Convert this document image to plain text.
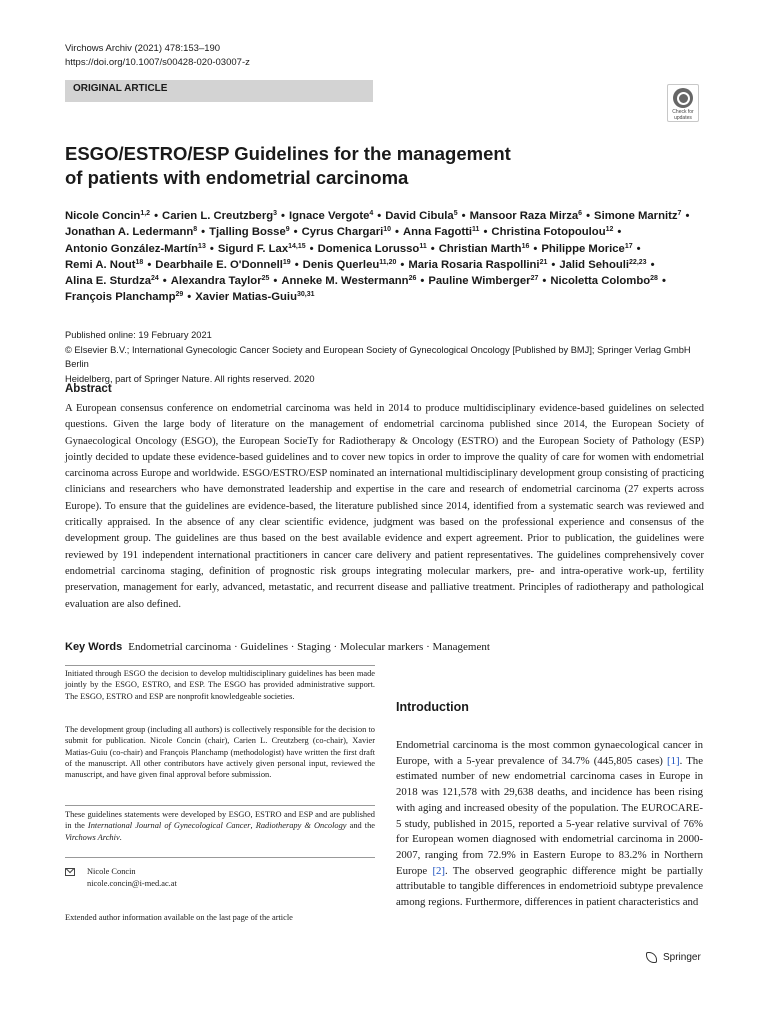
Virchows Archiv (2021) 478:153–190
https://doi.org/10.1007/s00428-020-03007-z
ORIGINAL ARTICLE
Check for
updates
ESGO/ESTRO/ESP Guidelines for the management
of patients with endometrial carcinoma
Nicole Concin$^{1,2}$ • Carien L. Creutzberg$^3$ • Ignace Vergote$^4$ • David Cibula$^5$ • Mansoor Raza Mirza$^6$ • Simone Marnitz$^7$ •
Jonathan A. Ledermann$^8$ • Tjalling Bosse$^9$ • Cyrus Chargari$^{10}$ • Anna Fagotti$^{11}$ • Christina Fotopoulou$^{12}$ •
Antonio González-Martín$^{13}$ • Sigurd F. Lax$^{14,15}$ • Domenica Lorusso$^{11}$ • Christian Marth$^{16}$ • Philippe Morice$^{17}$ •
Remi A. Nout$^{18}$ • Dearbhaile E. O'Donnell$^{19}$ • Denis Querleu$^{11,20}$ • Maria Rosaria Raspollini$^{21}$ • Jalid Sehouli$^{22,23}$ •
Alina E. Sturdza$^{24}$ • Alexandra Taylor$^{25}$ • Anneke M. Westermann$^{26}$ • Pauline Wimberger$^{27}$ • Nicoletta Colombo$^{28}$ •
François Planchamp$^{29}$ • Xavier Matias-Guiu$^{30,31}$
Published online: 19 February 2021
© Elsevier B.V.; International Gynecologic Cancer Society and European Society of Gynecological Oncology [Published by BMJ]; Springer Verlag GmbH Berlin
Heidelberg, part of Springer Nature. All rights reserved. 2020
Abstract

A European consensus conference on endometrial carcinoma was held in 2014 to produce multidisciplinary evidence-based guidelines on selected questions. Given the large body of literature on the management of endometrial carcinoma published since 2014, the European Society of Gynaecological Oncology (ESGO), the European SocieTy for Radiotherapy & Oncology (ESTRO) and the European Society of Pathology (ESP) jointly decided to update these evidence-based guidelines and to cover new topics in order to improve the quality of care for women with endometrial carcinoma across Europe and worldwide. ESGO/ESTRO/ESP nominated an international multidisciplinary development group consisting of practicing clinicians and researchers who have demonstrated leadership and expertise in the care and research of endometrial carcinoma (27 experts across Europe). To ensure that the guidelines are evidence-based, the literature published since 2014, identified from a systematic search was reviewed and critically appraised. In the absence of any clear scientific evidence, judgment was based on the professional experience and consensus of the development group. The guidelines are thus based on the best available evidence and expert agreement. Prior to publication, the guidelines were reviewed by 191 independent international practitioners in cancer care delivery and patient representatives. The guidelines comprehensively cover endometrial carcinoma staging, definition of prognostic risk groups integrating molecular markers, pre- and intra-operative work-up, fertility preservation, management for early, advanced, metastatic, and recurrent disease and palliative treatment. Principles of radiotherapy and pathological evaluation are also defined.

Key Words Endometrial carcinoma · Guidelines · Staging · Molecular markers · Management

Initiated through ESGO the decision to develop multidisciplinary guidelines has been made jointly by the ESGO, ESTRO, and ESP. The ESGO has provided administrative support. The ESGO, ESTRO and ESP are nonprofit knowledgeable societies.

The development group (including all authors) is collectively responsible for the decision to submit for publication. Nicole Concin (chair), Carien L. Creutzberg (co-chair), Xavier Matias-Guiu (co-chair) and François Planchamp (methodologist) have written the first draft of the manuscript. All other contributors have actively given personal input, reviewed the manuscript, and have given final approval before submission.

These guidelines statements were developed by ESGO, ESTRO and ESP and are published in the International Journal of Gynecological Cancer, Radiotherapy & Oncology and the Virchows Archiv.

Nicole Concin
nicole.concin@i-med.ac.at
Extended author information available on the last page of the article
Introduction

Endometrial carcinoma is the most common gynaecological cancer in Europe, with a 5-year prevalence of 34.7% (445,805 cases) [1]. The estimated number of new endometrial carcinoma cases in Europe in 2018 was 121,578 with 29,638 deaths, and incidence has been rising with aging and increased obesity of the population. The EUROCARE-5 study, published in 2015, reported a 5-year relative survival of 76% for European women diagnosed with endometrial carcinoma in 2000-2007, ranging from 72.9% in Eastern Europe to 83.2% in Northern Europe [2]. The observed geographic difference might be partially attributable to tangible differences in endometrioid subtype prevalence among regions. Furthermore, differences in patient characteristics and

Springer
